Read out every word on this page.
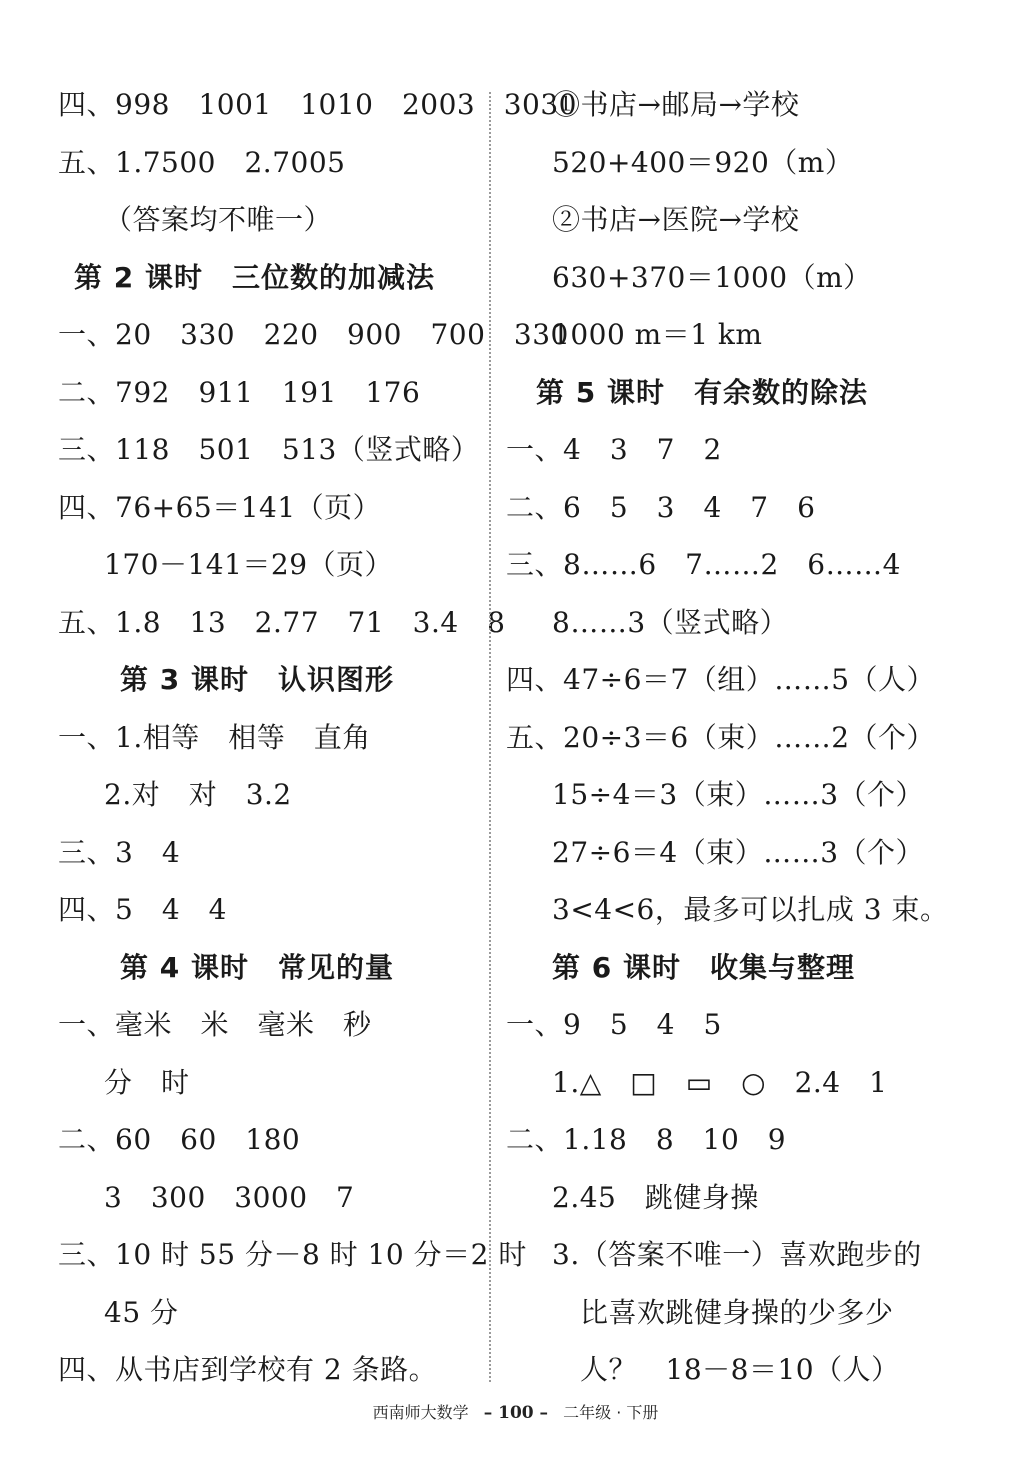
四、998　1001　1010　2003　3030
五、1.7500　2.7005
（答案均不唯一）
第 2 课时　三位数的加减法
一、20　330　220　900　700　330
二、792　911　191　176
三、118　501　513（竖式略）
四、76+65＝141（页）
170－141＝29（页）
五、1.8　13　2.77　71　3.4　8
第 3 课时　认识图形
一、1.相等　相等　直角
2.对　对　3.2
三、3　4
四、5　4　4
第 4 课时　常见的量
一、毫米　米　毫米　秒
分　时
二、60　60　180
3　300　3000　7
三、10 时 55 分－8 时 10 分＝2 时
45 分
四、从书店到学校有 2 条路。
①书店→邮局→学校
520+400＝920（m）
②书店→医院→学校
630+370＝1000（m）
1000 m＝1 km
第 5 课时　有余数的除法
一、4　3　7　2
二、6　5　3　4　7　6
三、8……6　7……2　6……4
8……3（竖式略）
四、47÷6＝7（组）……5（人）
五、20÷3＝6（束）……2（个）
15÷4＝3（束）……3（个）
27÷6＝4（束）……3（个）
3<4<6，最多可以扎成 3 束。
第 6 课时　收集与整理
一、9　5　4　5
1.△　□　▭　○　2.4　1
二、1.18　8　10　9
2.45　跳健身操
3.（答案不唯一）喜欢跑步的
比喜欢跳健身操的少多少
人？　18－8＝10（人）
西南师大数学 – 100 – 二年级 · 下册
